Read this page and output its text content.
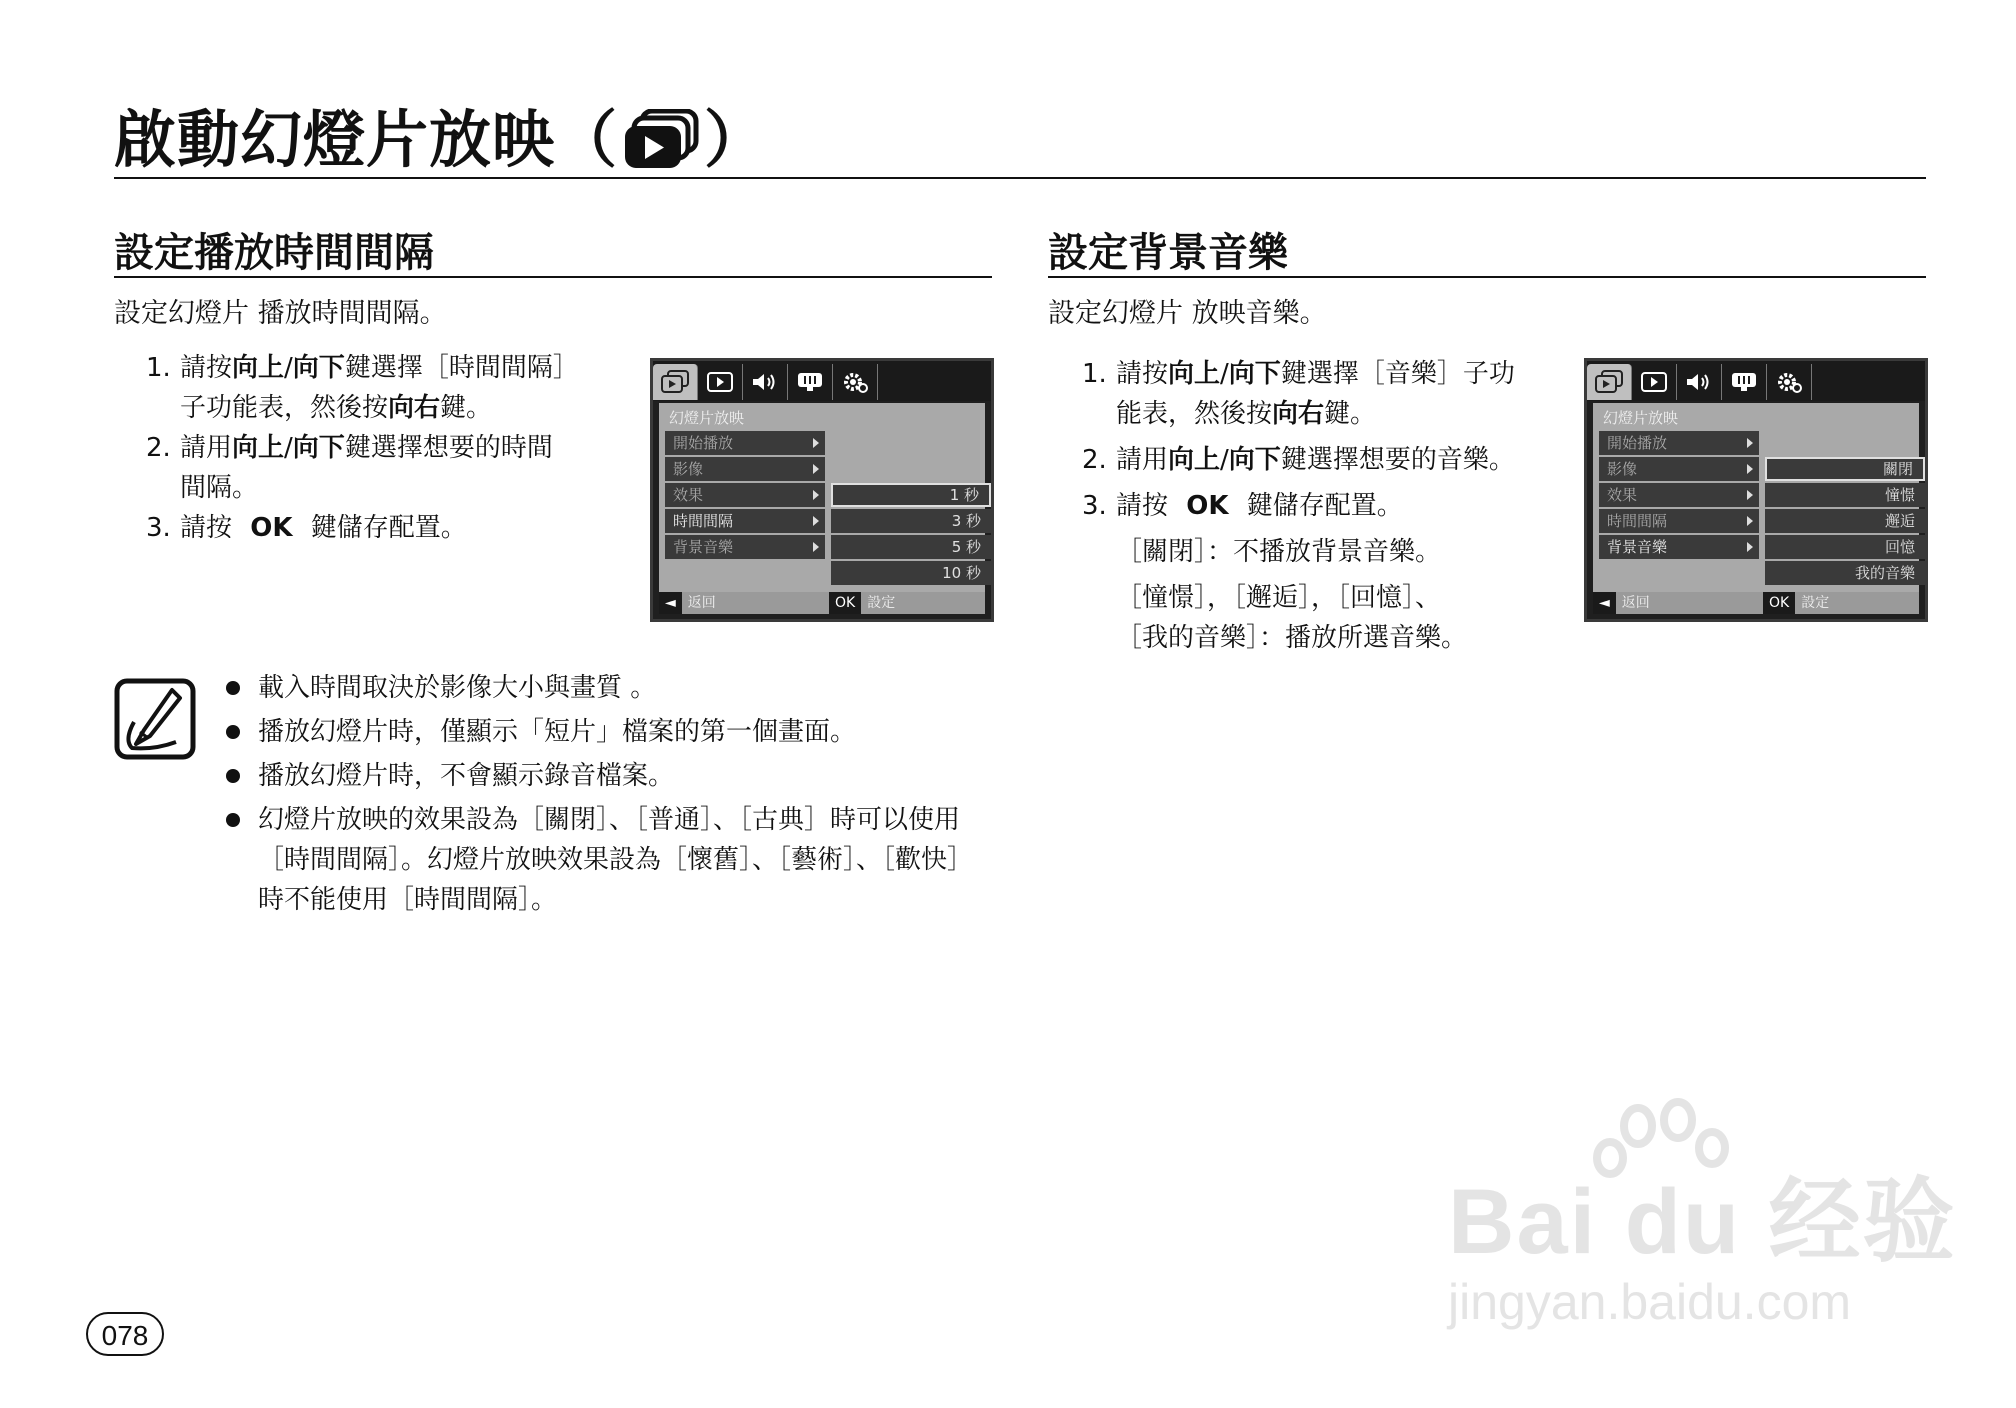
啟動幻燈片放映（ ）
設定播放時間間隔
設定幻燈片 播放時間間隔。
1. 請按向上/向下鍵選擇［時間間隔］
子功能表，然後按向右鍵。
2. 請用向上/向下鍵選擇想要的時間
間隔。
3. 請按 OK 鍵儲存配置。
幻燈片放映
開始播放
影像
效果
時間間隔
背景音樂
1 秒
3 秒
5 秒
10 秒
◄ 返回	OK 設定
載入時間取決於影像大小與畫質 。
播放幻燈片時，僅顯示「短片」檔案的第一個畫面。
播放幻燈片時，不會顯示錄音檔案。
幻燈片放映的效果設為［關閉］、［普通］、［古典］時可以使用［時間間隔］。幻燈片放映效果設為［懷舊］、［藝術］、［歡快］時不能使用［時間間隔］。
設定背景音樂
設定幻燈片 放映音樂。
1. 請按向上/向下鍵選擇［音樂］子功
能表，然後按向右鍵。
2. 請用向上/向下鍵選擇想要的音樂。
3. 請按 OK 鍵儲存配置。
［關閉］：不播放背景音樂。
［憧憬］，［邂逅］，［回憶］、
［我的音樂］：播放所選音樂。
幻燈片放映
開始播放
影像
效果
時間間隔
背景音樂
關閉
憧憬
邂逅
回憶
我的音樂
◄ 返回	OK 設定
078
Bai du 经验
jingyan.baidu.com
